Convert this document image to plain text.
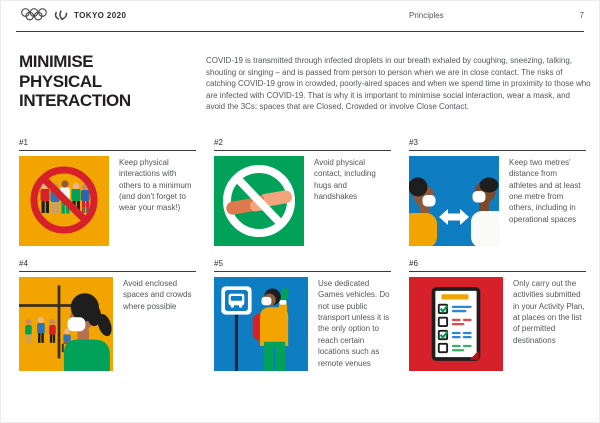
TOKYO 2020	Principles	7
MINIMISE PHYSICAL INTERACTION
COVID-19 is transmitted through infected droplets in our breath exhaled by coughing, sneezing, talking, shouting or singing – and is passed from person to person when we are in close contact. The risks of catching COVID-19 grow in crowded, poorly-aired spaces and when we spend time in proximity to those who are infected with COVID-19. That is why it is important to minimise social interaction, wear a mask, and avoid the 3Cs: spaces that are Closed, Crowded or involve Close Contact.
#1
Keep physical interactions with others to a minimum (and don't forget to wear your mask!)
#2
Avoid physical contact, including hugs and handshakes
#3
Keep two metres' distance from athletes and at least one metre from others, including in operational spaces
#4
Avoid enclosed spaces and crowds where possible
#5
Use dedicated Games vehicles. Do not use public transport unless it is the only option to reach certain locations such as remote venues
#6
Only carry out the activities submitted in your Activity Plan, at places on the list of permitted destinations
